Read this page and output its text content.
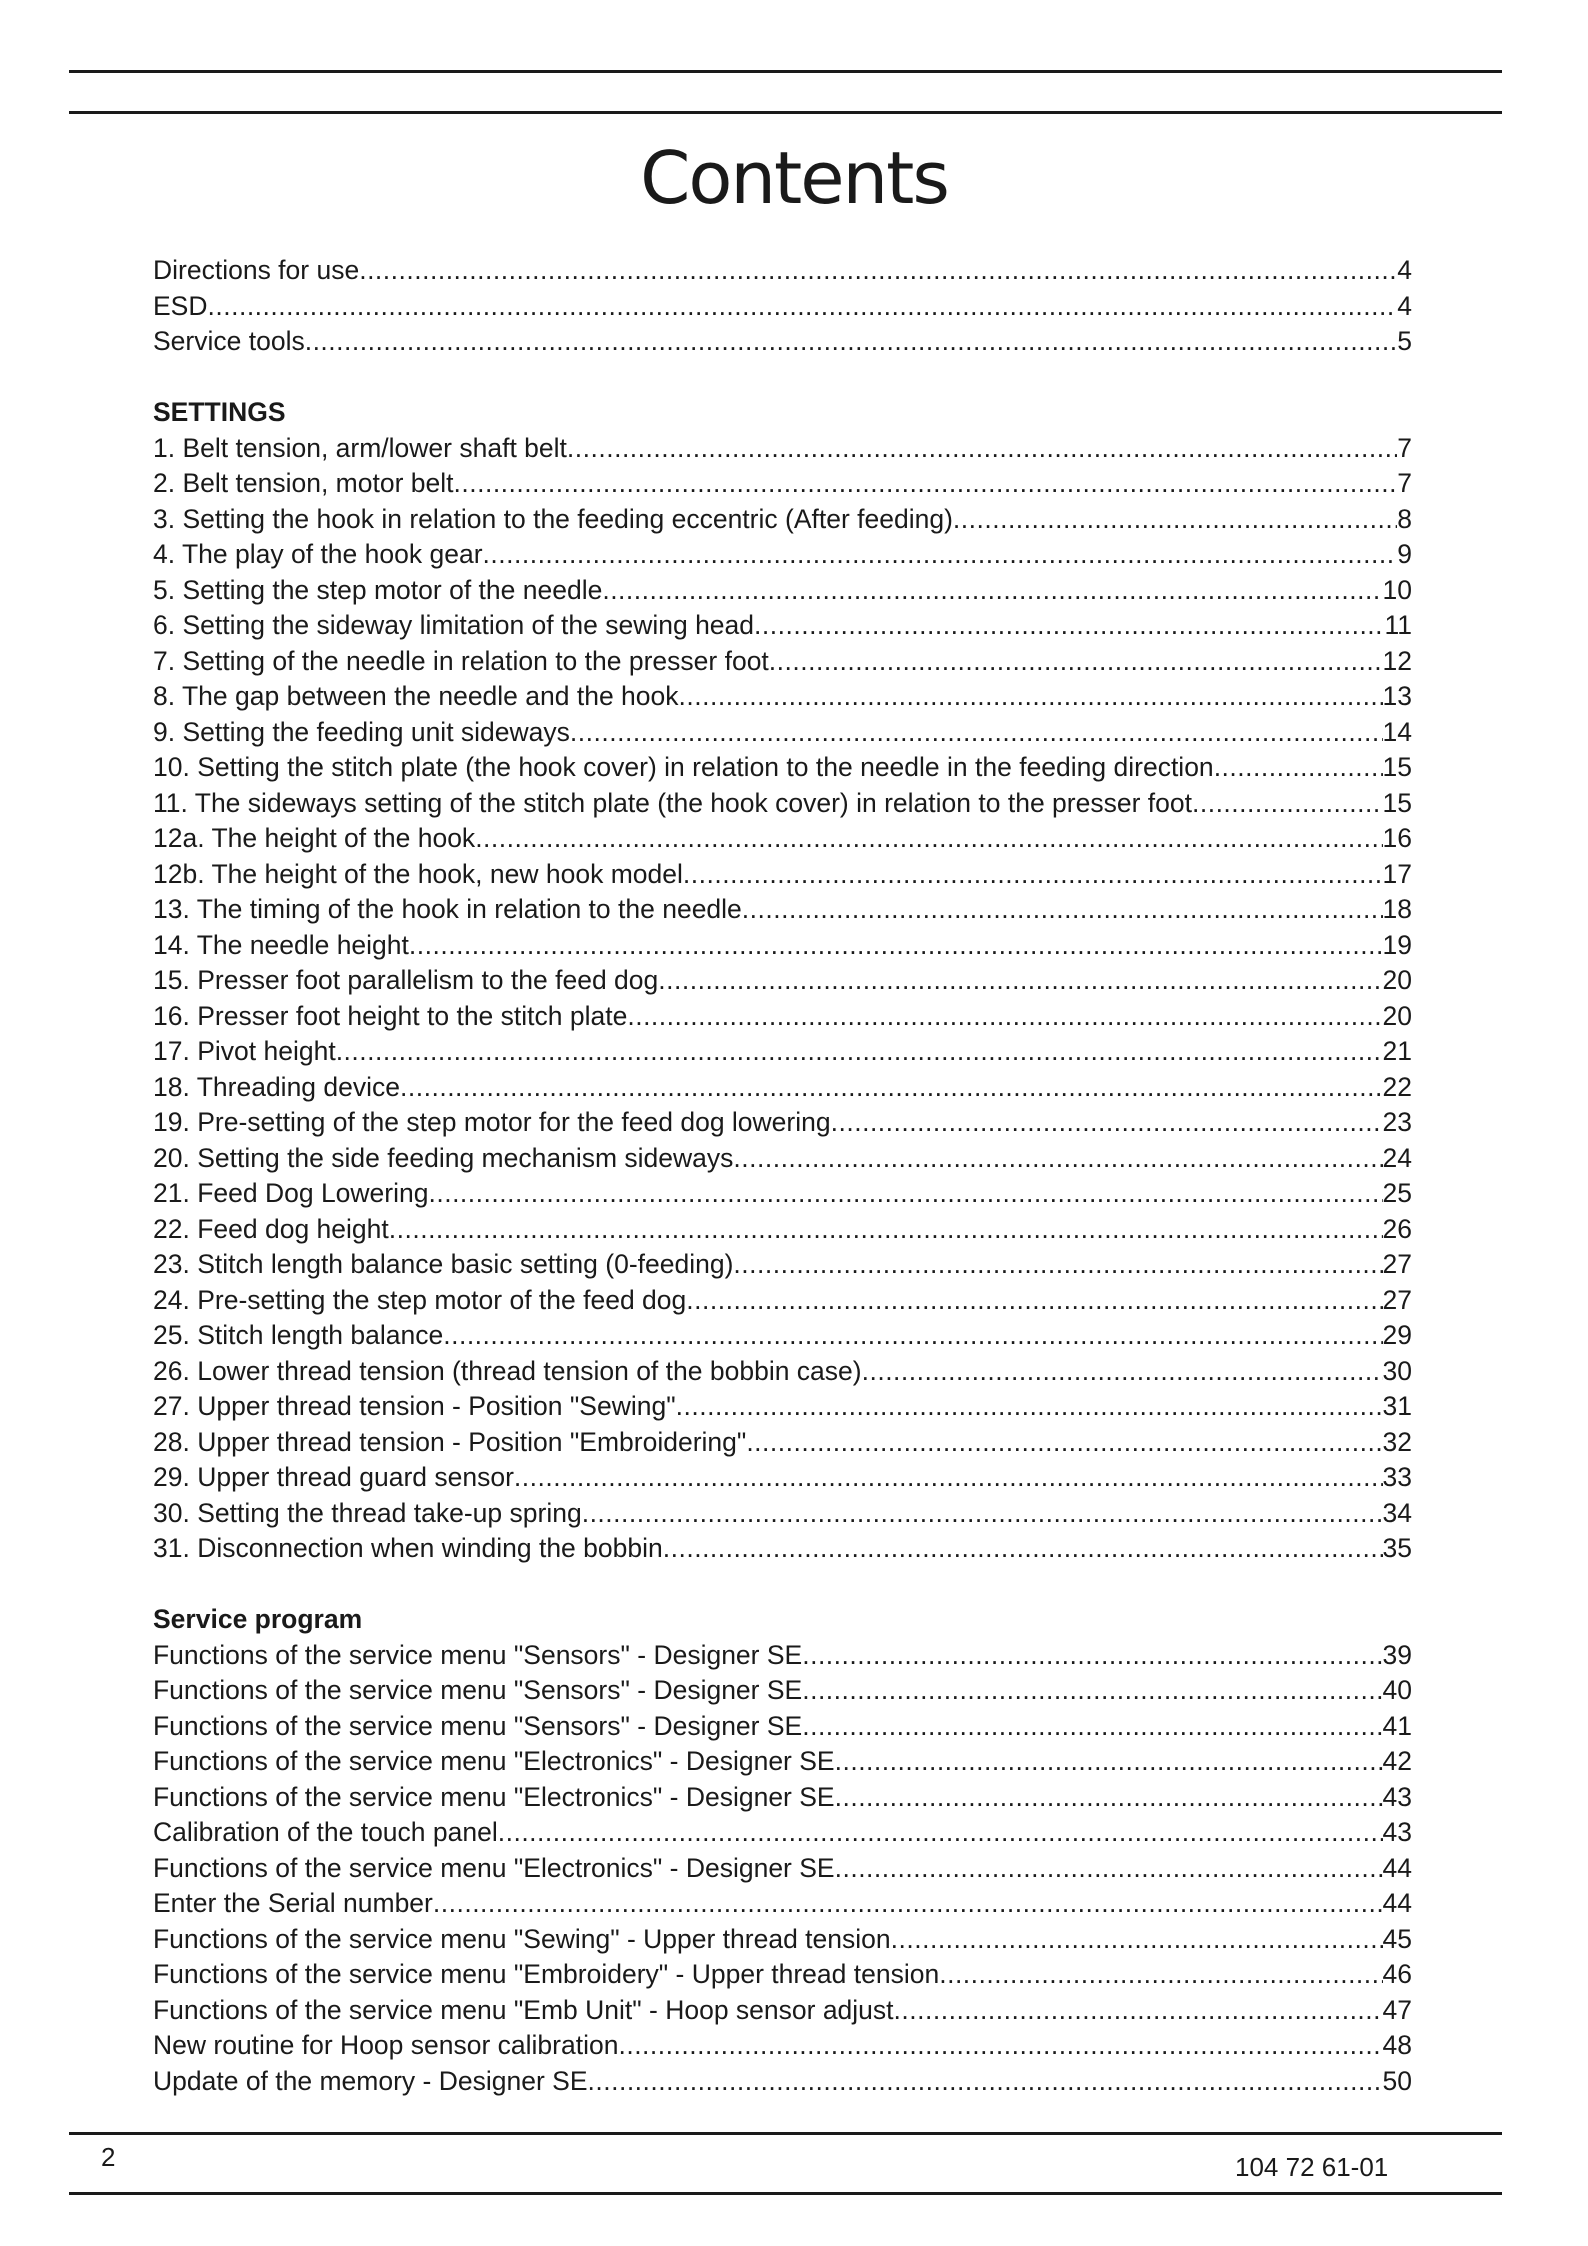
Contents
Directions for use .....	4
ESD .....	4
Service tools .....	5
SETTINGS
1. Belt tension, arm/lower shaft belt .....	7
2. Belt tension, motor belt .....	7
3. Setting the hook in relation to the feeding eccentric (After feeding) .....	8
4. The play of the hook gear .....	9
5. Setting the step motor of the needle .....	10
6. Setting the sideway limitation of the sewing head .....	11
7. Setting of the needle in relation to the presser foot .....	12
8. The gap between the needle and the hook .....	13
9. Setting the feeding unit sideways .....	14
10. Setting the stitch plate (the hook cover) in relation to the needle in the feeding direction .....	15
11. The sideways setting of the stitch plate (the hook cover) in relation to the presser foot .....	15
12a. The height of the hook .....	16
12b. The height of the hook, new hook model .....	17
13. The timing of the hook in relation to the needle .....	18
14. The needle height .....	19
15. Presser foot parallelism to the feed dog .....	20
16. Presser foot height to the stitch plate .....	20
17. Pivot height .....	21
18. Threading device .....	22
19. Pre-setting of the step motor for the feed dog lowering .....	23
20. Setting the side feeding mechanism sideways .....	24
21. Feed Dog Lowering .....	25
22. Feed dog height .....	26
23. Stitch length balance basic setting (0-feeding) .....	27
24. Pre-setting the step motor of the feed dog .....	27
25. Stitch length balance .....	29
26. Lower thread tension (thread tension of the bobbin case) .....	30
27. Upper thread tension - Position "Sewing" .....	31
28. Upper thread tension - Position "Embroidering" .....	32
29. Upper thread guard sensor .....	33
30. Setting the thread take-up spring .....	34
31. Disconnection when winding the bobbin .....	35
Service program
Functions of the service menu "Sensors" - Designer SE .....	39
Functions of the service menu "Sensors" - Designer SE .....	40
Functions of the service menu "Sensors" - Designer SE .....	41
Functions of the service menu "Electronics" - Designer SE .....	42
Functions of the service menu "Electronics" - Designer SE .....	43
Calibration of the touch panel .....	43
Functions of the service menu "Electronics" - Designer SE .....	44
Enter the Serial number .....	44
Functions of the service menu "Sewing" - Upper thread tension .....	45
Functions of the service menu "Embroidery" - Upper thread tension .....	46
Functions of the service menu "Emb Unit" - Hoop sensor adjust .....	47
New routine for Hoop sensor calibration .....	48
Update of the memory - Designer SE .....	50
2	104 72 61-01
